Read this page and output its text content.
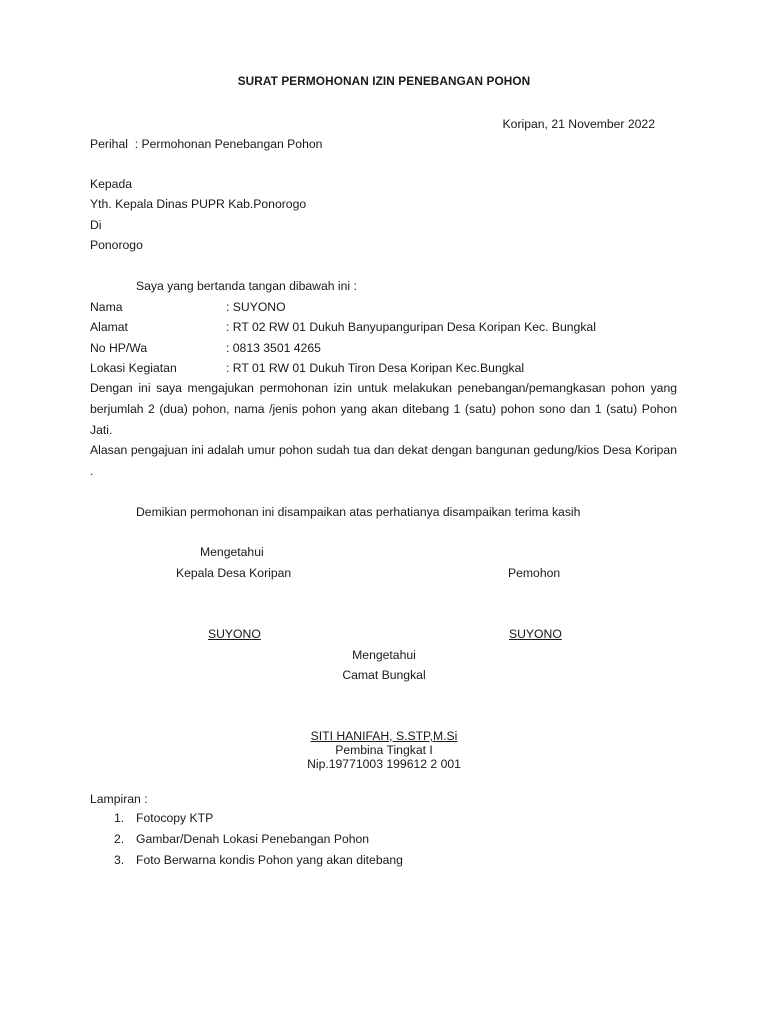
SURAT PERMOHONAN IZIN PENEBANGAN POHON
Koripan, 21 November 2022
Perihal  : Permohonan Penebangan Pohon
Kepada
Yth. Kepala Dinas PUPR Kab.Ponorogo
Di
Ponorogo
Saya yang bertanda tangan dibawah ini :
Nama	: SUYONO
Alamat	: RT 02 RW 01 Dukuh Banyupanguripan Desa Koripan Kec. Bungkal
No HP/Wa	: 0813 3501 4265
Lokasi Kegiatan	: RT 01 RW 01 Dukuh Tiron Desa Koripan Kec.Bungkal
Dengan ini saya mengajukan permohonan izin untuk melakukan penebangan/pemangkasan pohon yang berjumlah 2 (dua) pohon, nama /jenis pohon yang akan ditebang 1 (satu) pohon sono dan 1 (satu) Pohon Jati.
Alasan pengajuan ini adalah umur pohon sudah tua dan dekat dengan bangunan gedung/kios Desa Koripan .
Demikian permohonan ini disampaikan atas perhatianya disampaikan terima kasih
Mengetahui
Kepala Desa Koripan	Pemohon
SUYONO	SUYONO
Mengetahui
Camat Bungkal
SITI HANIFAH, S.STP,M.Si
Pembina Tingkat I
Nip.19771003 199612 2 001
Lampiran :
1. Fotocopy KTP
2. Gambar/Denah Lokasi Penebangan Pohon
3. Foto Berwarna kondis Pohon yang akan ditebang
